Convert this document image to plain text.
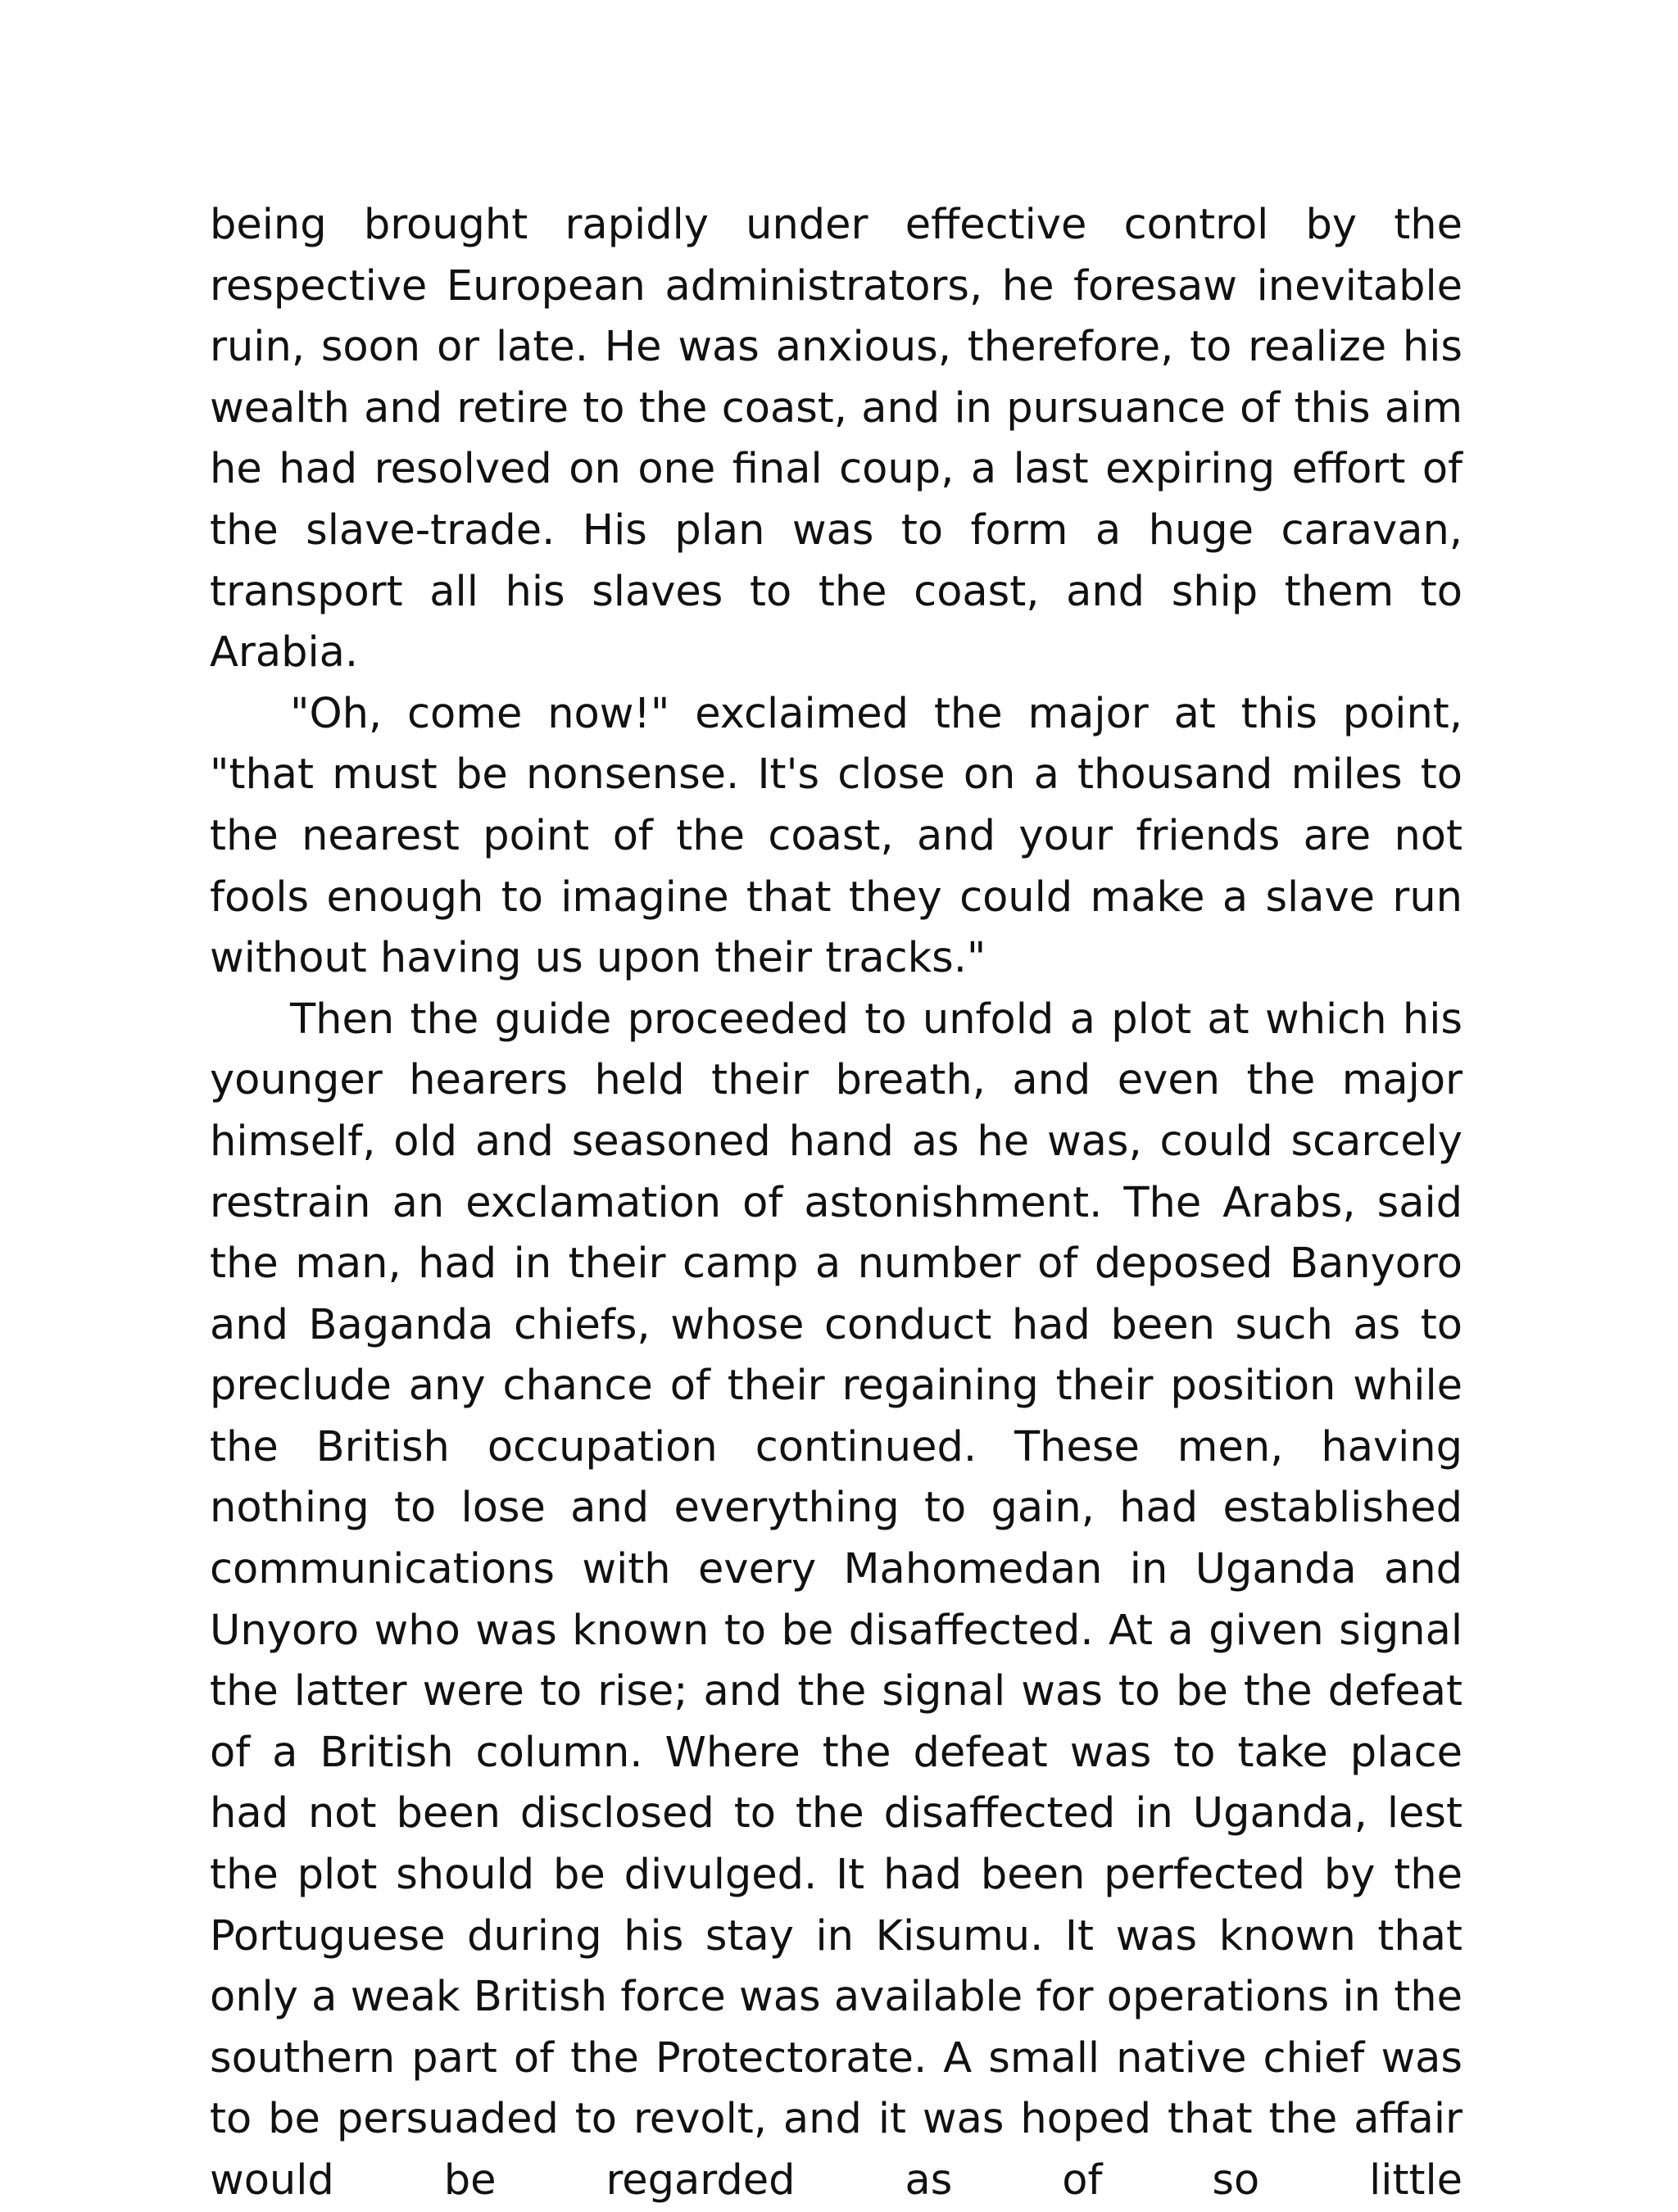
being brought rapidly under effective control by the respective European administrators, he foresaw inevitable ruin, soon or late. He was anxious, therefore, to realize his wealth and retire to the coast, and in pursuance of this aim he had resolved on one final coup, a last expiring effort of the slave-trade. His plan was to form a huge caravan, transport all his slaves to the coast, and ship them to Arabia.

"Oh, come now!" exclaimed the major at this point, "that must be nonsense. It's close on a thousand miles to the nearest point of the coast, and your friends are not fools enough to imagine that they could make a slave run without having us upon their tracks."

Then the guide proceeded to unfold a plot at which his younger hearers held their breath, and even the major himself, old and seasoned hand as he was, could scarcely restrain an exclamation of astonishment. The Arabs, said the man, had in their camp a number of deposed Banyoro and Baganda chiefs, whose conduct had been such as to preclude any chance of their regaining their position while the British occupation continued. These men, having nothing to lose and everything to gain, had established communications with every Mahomedan in Uganda and Unyoro who was known to be disaffected. At a given signal the latter were to rise; and the signal was to be the defeat of a British column. Where the defeat was to take place had not been disclosed to the disaffected in Uganda, lest the plot should be divulged. It had been perfected by the Portuguese during his stay in Kisumu. It was known that only a weak British force was available for operations in the southern part of the Protectorate. A small native chief was to be persuaded to revolt, and it was hoped that the affair would be regarded as of so little
